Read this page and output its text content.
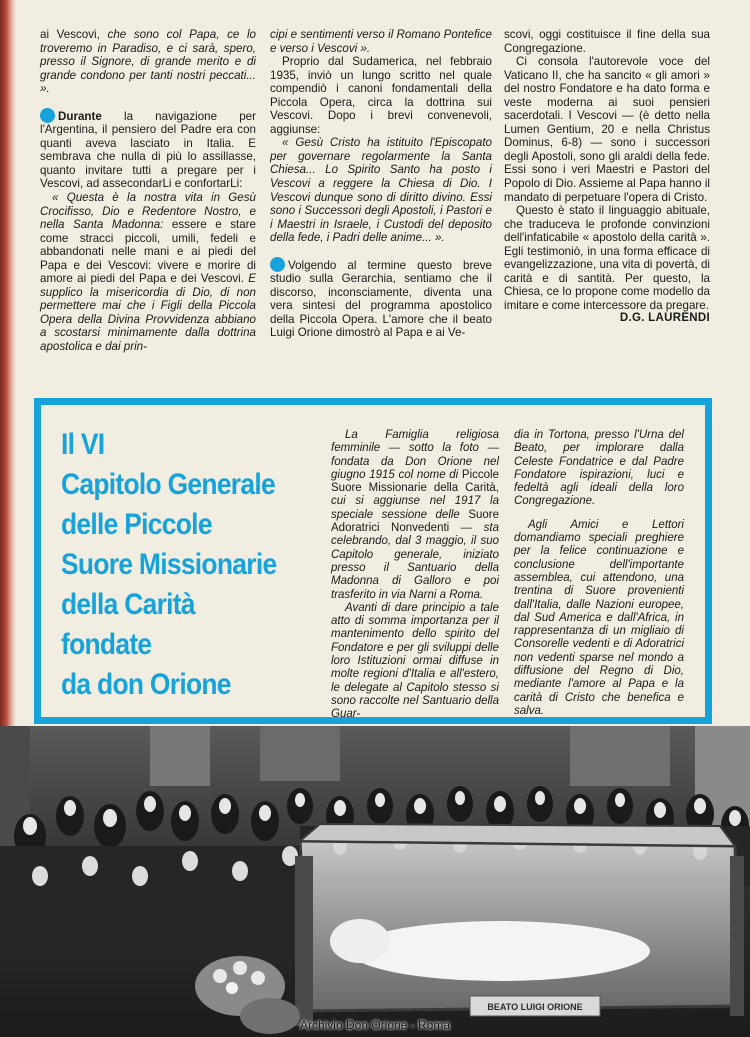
ai Vescovi, che sono col Papa, ce lo troveremo in Paradiso, e ci sarà, spero, presso il Signore, di grande merito e di grande condono per tanti nostri peccati... ».

Durante la navigazione per l'Argentina, il pensiero del Padre era con quanti aveva lasciato in Italia. E sembrava che nulla di più lo assillasse, quanto invitare tutti a pregare per i Vescovi, ad assecondarLi e confortarLi:

« Questa è la nostra vita in Gesù Crocifisso, Dio e Redentore Nostro, e nella Santa Madonna: essere e stare come stracci piccoli, umili, fedeli e abbandonati nelle mani e ai piedi del Papa e dei Vescovi: vivere e morire di amore ai piedi del Papa e dei Vescovi. E supplico la misericordia di Dio, di non permettere mai che i Figli della Piccola Opera della Divina Provvidenza abbiano a scostarsi minimamente dalla dottrina apostolica e dai prin-

cipi e sentimenti verso il Romano Pontefice e verso i Vescovi ».

Proprio dal Sudamerica, nel febbraio 1935, inviò un lungo scritto nel quale compendiò i canoni fondamentali della Piccola Opera, circa la dottrina sui Vescovi. Dopo i brevi convenevoli, aggiunse:

« Gesù Cristo ha istituito l'Episcopato per governare regolarmente la Santa Chiesa... Lo Spirito Santo ha posto i Vescovi a reggere la Chiesa di Dio. I Vescovi dunque sono di diritto divino. Essi sono i Successori degli Apostoli, i Pastori e i Maestri in Israele, i Custodi del deposito della fede, i Padri delle anime... ».

Volgendo al termine questo breve studio sulla Gerarchia, sentiamo che il discorso, inconsciamente, diventa una vera sintesi del programma apostolico della Piccola Opera. L'amore che il beato Luigi Orione dimostrò al Papa e ai Ve-

scovi, oggi costituisce il fine della sua Congregazione.

Ci consola l'autorevole voce del Vaticano II, che ha sancito « gli amori » del nostro Fondatore e ha dato forma e veste moderna ai suoi pensieri sacerdotali. I Vescovi — (è detto nella Lumen Gentium, 20 e nella Christus Dominus, 6-8) — sono i successori degli Apostoli, sono gli araldi della fede. Essi sono i veri Maestri e Pastori del Popolo di Dio. Assieme al Papa hanno il mandato di perpetuare l'opera di Cristo.

Questo è stato il linguaggio abituale, che traduceva le profonde convinzioni dell'infaticabile « apostolo della carità ». Egli testimoniò, in una forma efficace di evangelizzazione, una vita di povertà, di carità e di santità. Per questo, la Chiesa, ce lo propone come modello da imitare e come intercessore da pregare.

D.G. LAURENDI

Il VI
Capitolo Generale
delle Piccole
Suore Missionarie
della Carità
fondate
da don Orione

La Famiglia religiosa femminile — sotto la foto — fondata da Don Orione nel giugno 1915 col nome di Piccole Suore Missionarie della Carità, cui si aggiunse nel 1917 la speciale sessione delle Suore Adoratrici Nonvedenti — sta celebrando, dal 3 maggio, il suo Capitolo generale, iniziato presso il Santuario della Madonna di Galloro e poi trasferito in via Narni a Roma.

Avanti di dare principio a tale atto di somma importanza per il mantenimento dello spirito del Fondatore e per gli sviluppi delle loro Istituzioni ormai diffuse in molte regioni d'Italia e all'estero, le delegate al Capitolo stesso si sono raccolte nel Santuario della Guar-

dia in Tortona, presso l'Urna del Beato, per implorare dalla Celeste Fondatrice e dal Padre Fondatore ispirazioni, luci e fedeltà agli ideali della loro Congregazione.

Agli Amici e Lettori domandiamo speciali preghiere per la felice continuazione e conclusione dell'importante assemblea, cui attendono, una trentina di Suore provenienti dall'Italia, dalle Nazioni europee, dal Sud America e dall'Africa, in rappresentanza di un migliaio di Consorelle vedenti e di Adoratrici non vedenti sparse nel mondo a diffusione del Regno di Dio, mediante l'amore al Papa e la carità di Cristo che benefica e salva.

BEATO LUIGI ORIONE
Archivio Don Orione - Roma
